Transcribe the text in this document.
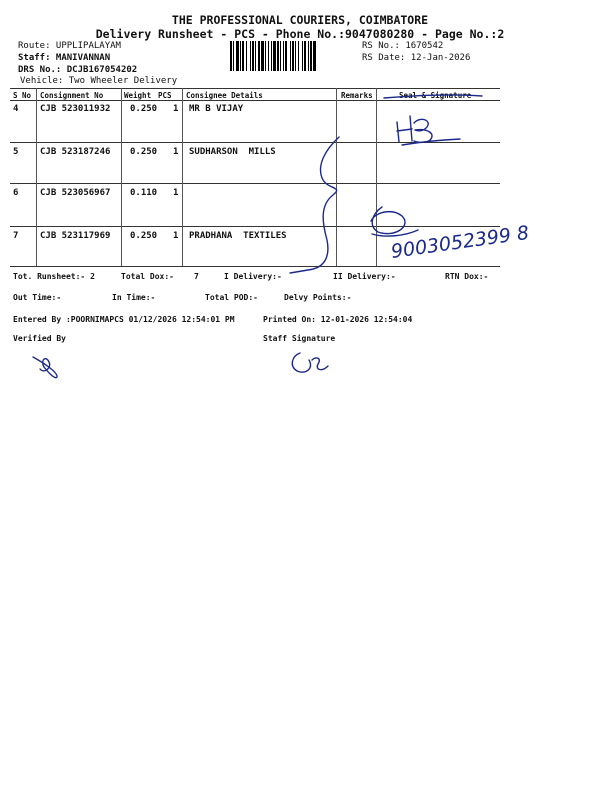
THE PROFESSIONAL COURIERS, COIMBATORE
Delivery Runsheet - PCS - Phone No.:9047080280 - Page No.:2
Route: UPPLIPALAYAM
Staff: MANIVANNAN
DRS No.: DCJB167054202
Vehicle: Two Wheeler Delivery
RS No.: 1670542
RS Date: 12-Jan-2026
S No Consignment No	Weight PCS Consignee Details	Remarks	Seal & Signature
4 CJB 523011932 0.250 1 MR B VIJAY
5 CJB 523187246 0.250 1 SUDHARSON  MILLS
6 CJB 523056967 0.110 1
7 CJB 523117969 0.250 1 PRADHANA  TEXTILES
Tot. Runsheet:- 2	Total Dox:-	7	I Delivery:-	II Delivery:-	RTN Dox:-
Out Time:-	In Time:-	Total POD:-	Delvy Points:-
Entered By :POORNIMAPCS 01/12/2026 12:54:01 PM	Printed On: 12-01-2026 12:54:04
Verified By	Staff Signature
9003052399 8
